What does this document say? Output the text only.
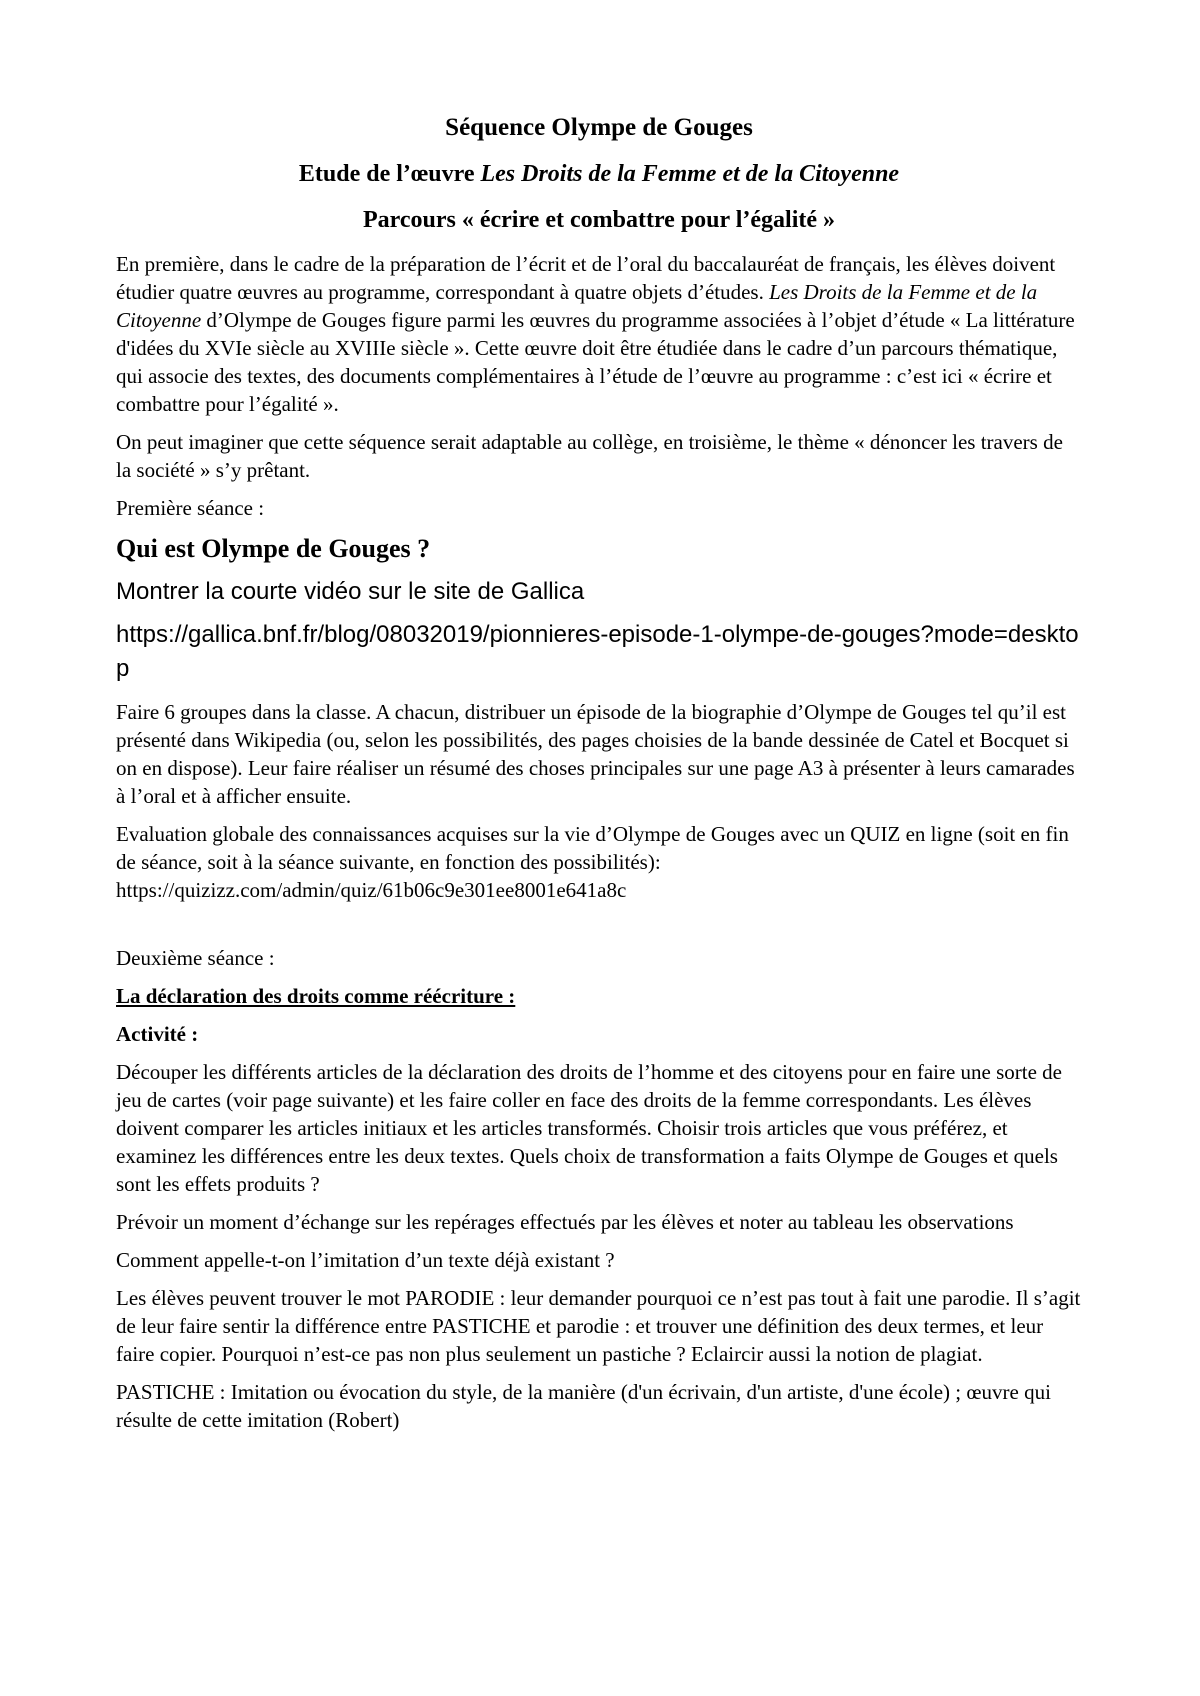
Séquence Olympe de Gouges
Etude de l’œuvre Les Droits de la Femme et de la Citoyenne
Parcours « écrire et combattre pour l’égalité »

En première, dans le cadre de la préparation de l’écrit et de l’oral du baccalauréat de français, les élèves doivent étudier quatre œuvres au programme, correspondant à quatre objets d’études. Les Droits de la Femme et de la Citoyenne d’Olympe de Gouges figure parmi les œuvres du programme associées à l’objet d’étude « La littérature d'idées du XVIe siècle au XVIIIe siècle ». Cette œuvre doit être étudiée dans le cadre d’un parcours thématique, qui associe des textes, des documents complémentaires à l’étude de l’œuvre au programme : c’est ici « écrire et combattre pour l’égalité ».

On peut imaginer que cette séquence serait adaptable au collège, en troisième, le thème « dénoncer les travers de la société » s’y prêtant.

Première séance :

Qui est Olympe de Gouges ?
Montrer la courte vidéo sur le site de Gallica
https://gallica.bnf.fr/blog/08032019/pionnieres-episode-1-olympe-de-gouges?mode=desktop

Faire 6 groupes dans la classe. A chacun, distribuer un épisode de la biographie d’Olympe de Gouges tel qu’il est présenté dans Wikipedia (ou, selon les possibilités, des pages choisies de la bande dessinée de Catel et Bocquet si on en dispose). Leur faire réaliser un résumé des choses principales sur une page A3 à présenter à leurs camarades à l’oral et à afficher ensuite.

Evaluation globale des connaissances acquises sur la vie d’Olympe de Gouges avec un QUIZ en ligne (soit en fin de séance, soit à la séance suivante, en fonction des possibilités):
https://quizizz.com/admin/quiz/61b06c9e301ee8001e641a8c

Deuxième séance :

La déclaration des droits comme réécriture :

Activité :

Découper les différents articles de la déclaration des droits de l’homme et des citoyens pour en faire une sorte de jeu de cartes (voir page suivante) et les faire coller en face des droits de la femme correspondants. Les élèves doivent comparer les articles initiaux et les articles transformés. Choisir trois articles que vous préférez, et examinez les différences entre les deux textes. Quels choix de transformation a faits Olympe de Gouges et quels sont les effets produits ?

Prévoir un moment d’échange sur les repérages effectués par les élèves et noter au tableau les observations

Comment appelle-t-on l’imitation d’un texte déjà existant ?

Les élèves peuvent trouver le mot PARODIE : leur demander pourquoi ce n’est pas tout à fait une parodie. Il s’agit de leur faire sentir la différence entre PASTICHE et parodie : et trouver une définition des deux termes, et leur faire copier. Pourquoi n’est-ce pas non plus seulement un pastiche ? Eclaircir aussi la notion de plagiat.

PASTICHE : Imitation ou évocation du style, de la manière (d'un écrivain, d'un artiste, d'une école) ; œuvre qui résulte de cette imitation (Robert)
